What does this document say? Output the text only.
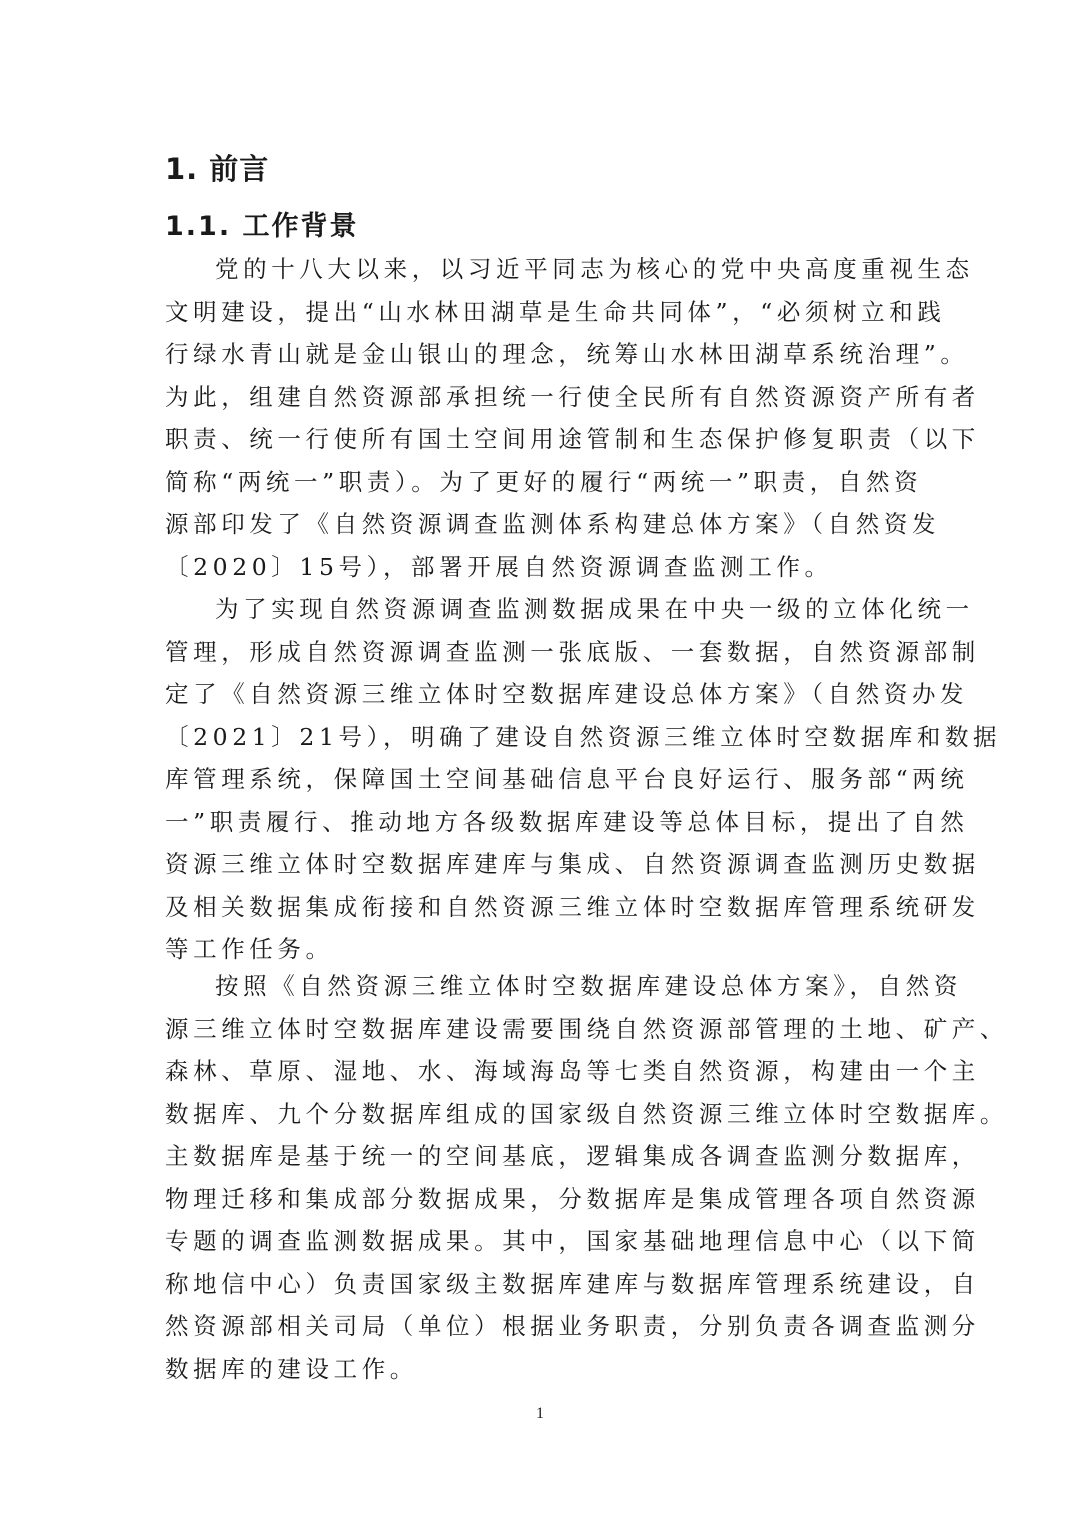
1. 前言
1.1. 工作背景
党的十八大以来，以习近平同志为核心的党中央高度重视生态
文明建设，提出“山水林田湖草是生命共同体”，“必须树立和践
行绿水青山就是金山银山的理念，统筹山水林田湖草系统治理”。
为此，组建自然资源部承担统一行使全民所有自然资源资产所有者
职责、统一行使所有国土空间用途管制和生态保护修复职责（以下
简称“两统一”职责）。为了更好的履行“两统一”职责，自然资
源部印发了《自然资源调查监测体系构建总体方案》（自然资发
〔2020〕15号），部署开展自然资源调查监测工作。
为了实现自然资源调查监测数据成果在中央一级的立体化统一
管理，形成自然资源调查监测一张底版、一套数据，自然资源部制
定了《自然资源三维立体时空数据库建设总体方案》（自然资办发
〔2021〕21号），明确了建设自然资源三维立体时空数据库和数据
库管理系统，保障国土空间基础信息平台良好运行、服务部“两统
一”职责履行、推动地方各级数据库建设等总体目标，提出了自然
资源三维立体时空数据库建库与集成、自然资源调查监测历史数据
及相关数据集成衔接和自然资源三维立体时空数据库管理系统研发
等工作任务。
按照《自然资源三维立体时空数据库建设总体方案》，自然资
源三维立体时空数据库建设需要围绕自然资源部管理的土地、矿产、
森林、草原、湿地、水、海域海岛等七类自然资源，构建由一个主
数据库、九个分数据库组成的国家级自然资源三维立体时空数据库。
主数据库是基于统一的空间基底，逻辑集成各调查监测分数据库，
物理迁移和集成部分数据成果，分数据库是集成管理各项自然资源
专题的调查监测数据成果。其中，国家基础地理信息中心（以下简
称地信中心）负责国家级主数据库建库与数据库管理系统建设，自
然资源部相关司局（单位）根据业务职责，分别负责各调查监测分
数据库的建设工作。

1
